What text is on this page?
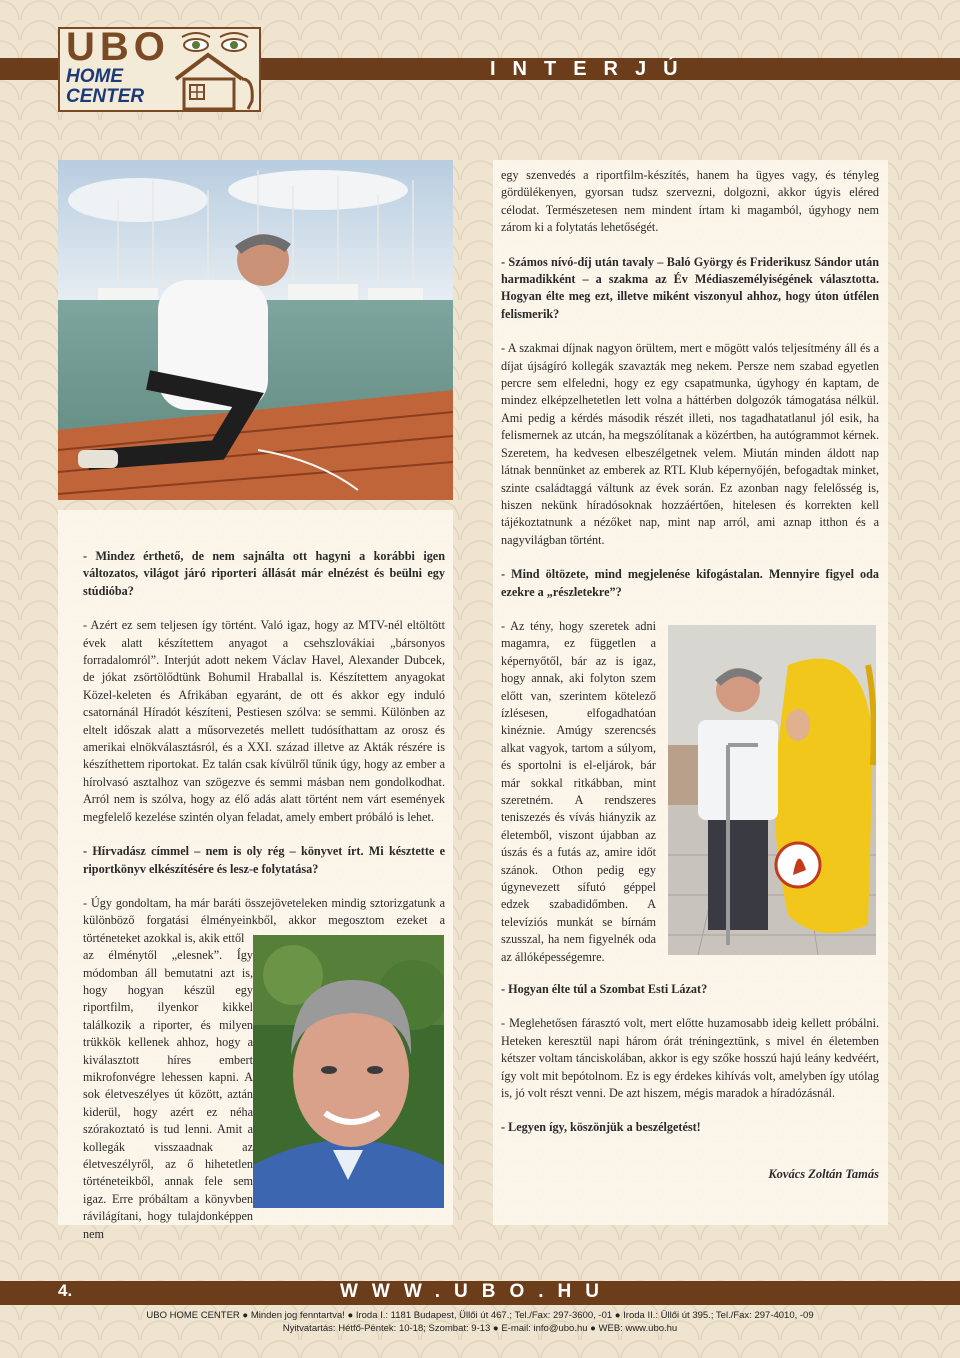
INTERJÚ
UBO
HOME
CENTER

- Mindez érthető, de nem sajnálta ott hagyni a korábbi igen változatos, világot járó riporteri állását már elnézést és beülni egy stúdióba?

- Azért ez sem teljesen így történt. Való igaz, hogy az MTV-nél eltöltött évek alatt készítettem anyagot a csehszlovákiai „bársonyos forradalomról”. Interjút adott nekem Václav Havel, Alexander Dubcek, de jókat zsörtölődtünk Bohumil Hraballal is. Készítettem anyagokat Közel-keleten és Afrikában egyaránt, de ott és akkor egy induló csatornánál Híradót készíteni, Pestiesen szólva: se semmi. Különben az eltelt időszak alatt a műsorvezetés mellett tudósíthattam az orosz és amerikai elnökválasztásról, és a XXI. század illetve az Akták részére is készíthettem riportokat. Ez talán csak kívülről tűnik úgy, hogy az ember a hírolvasó asztalhoz van szögezve és semmi másban nem gondolkodhat. Arról nem is szólva, hogy az élő adás alatt történt nem várt események megfelelő kezelése szintén olyan feladat, amely embert próbáló is lehet.

- Hírvadász címmel – nem is oly rég – könyvet írt. Mi késztette e riportkönyv elkészítésére és lesz-e folytatása?

- Úgy gondoltam, ha már baráti összejöveteleken mindig sztorizgatunk a különböző forgatási élményeinkből, akkor megosztom ezeket a történeteket azokkal is, akik ettől

az élménytől „elesnek”. Így módomban áll bemutatni azt is, hogy hogyan készül egy riportfilm, ilyenkor kikkel találkozik a riporter, és milyen trükkök kellenek ahhoz, hogy a kiválasztott híres embert mikrofonvégre lehessen kapni. A sok életveszélyes út között, aztán kiderül, hogy azért ez néha szórakoztató is tud lenni. Amit a kollegák visszaadnak az életveszélyről, az ő hihetetlen történeteikből, annak fele sem igaz. Erre próbáltam a könyvben rávilágítani, hogy tulajdonképpen nem

egy szenvedés a riportfilm-készítés, hanem ha ügyes vagy, és tényleg gördülékenyen, gyorsan tudsz szervezni, dolgozni, akkor úgyis eléred célodat. Természetesen nem mindent írtam ki magamból, úgyhogy nem zárom ki a folytatás lehetőségét.

- Számos nívó-díj után tavaly – Baló György és Friderikusz Sándor után harmadikként – a szakma az Év Médiaszemélyiségének választotta. Hogyan élte meg ezt, illetve miként viszonyul ahhoz, hogy úton útfélen felismerik?

- A szakmai díjnak nagyon örültem, mert e mögött valós teljesítmény áll és a díjat újságíró kollegák szavazták meg nekem. Persze nem szabad egyetlen percre sem elfeledni, hogy ez egy csapatmunka, úgyhogy én kaptam, de mindez elképzelhetetlen lett volna a háttérben dolgozók támogatása nélkül. Ami pedig a kérdés második részét illeti, nos tagadhatatlanul jól esik, ha felismernek az utcán, ha megszólítanak a közértben, ha autógrammot kérnek. Szeretem, ha kedvesen elbeszélgetnek velem. Miután minden áldott nap látnak bennünket az emberek az RTL Klub képernyőjén, befogadtak minket, szinte családtaggá váltunk az évek során. Ez azonban nagy felelősség is, hiszen nekünk híradósoknak hozzáértően, hitelesen és korrekten kell tájékoztatnunk a nézőket nap, mint nap arról, ami aznap itthon és a nagyvilágban történt.

- Mind öltözete, mind megjelenése kifogástalan. Mennyire figyel oda ezekre a „részletekre”?

- Az tény, hogy szeretek adni magamra, ez független a képernyőtől, bár az is igaz, hogy annak, aki folyton szem előtt van, szerintem kötelező ízlésesen, elfogadhatóan kinéznie. Amúgy szerencsés alkat vagyok, tartom a súlyom, és sportolni is el-eljárok, bár már sokkal ritkábban, mint szeretném. A rendszeres teniszezés és vívás hiányzik az életemből, viszont újabban az úszás és a futás az, amire időt szánok. Othon pedig egy úgynevezett sífutó géppel edzek szabadidőmben. A televíziós munkát se bírnám szusszal, ha nem figyelnék oda az állóképességemre.

- Hogyan élte túl a Szombat Esti Lázat?

- Meglehetősen fárasztó volt, mert előtte huzamosabb ideig kellett próbálni. Heteken keresztül napi három órát tréningeztünk, s mivel én életemben kétszer voltam tánciskolában, akkor is egy szőke hosszú hajú leány kedvéért, így volt mit bepótolnom. Ez is egy érdekes kihívás volt, amelyben így utólag is, jó volt részt venni. De azt hiszem, mégis maradok a híradózásnál.

- Legyen így, köszönjük a beszélgetést!

Kovács Zoltán Tamás

4.	WWW.UBO.HU
UBO HOME CENTER ● Minden jog fenntartva! ● Iroda I.: 1181 Budapest, Üllői út 467.; Tel./Fax: 297-3600, -01 ● Iroda II.: Üllői út 395.; Tel./Fax: 297-4010, -09
Nyitvatartás: Hétfő-Péntek: 10-18; Szombat: 9-13 ● E-mail: info@ubo.hu ● WEB: www.ubo.hu
